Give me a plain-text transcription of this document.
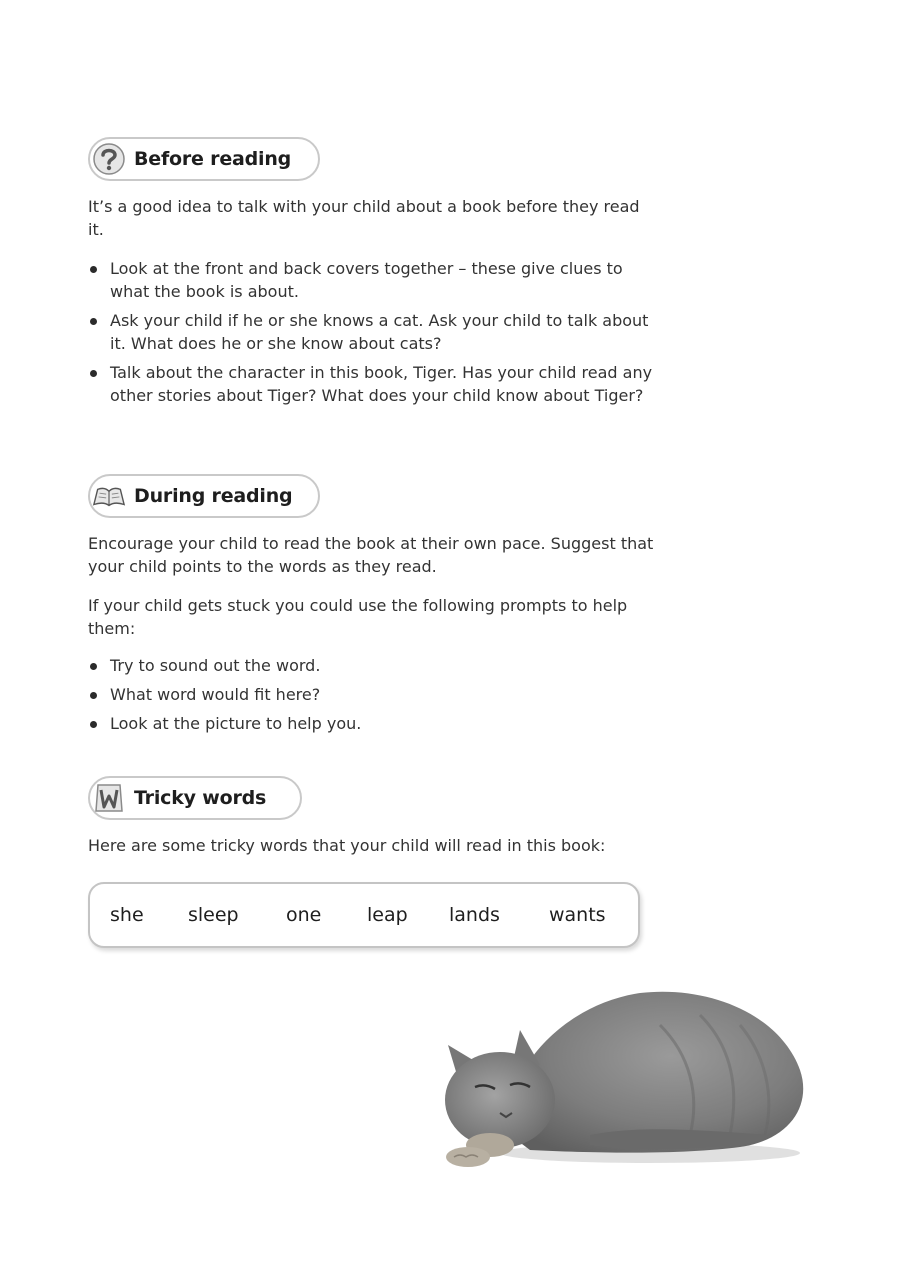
Before reading

It’s a good idea to talk with your child about a book before they read it.

Look at the front and back covers together – these give clues to what the book is about.
Ask your child if he or she knows a cat. Ask your child to talk about it. What does he or she know about cats?
Talk about the character in this book, Tiger. Has your child read any other stories about Tiger? What does your child know about Tiger?
During reading

Encourage your child to read the book at their own pace. Suggest that your child points to the words as they read.

If your child gets stuck you could use the following prompts to help them:

Try to sound out the word.
What word would fit here?
Look at the picture to help you.
Tricky words

Here are some tricky words that your child will read in this book:

she sleep one leap lands	wants
